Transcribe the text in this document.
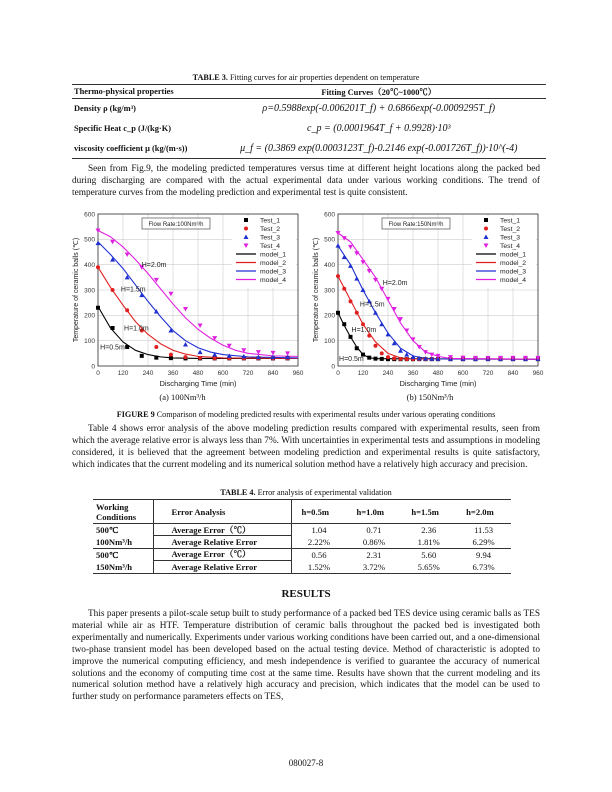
TABLE 3. Fitting curves for air properties dependent on temperature
Thermo-physical properties	Fitting Curves（20℃~1000℃）
Density ρ (kg/m³)	ρ=0.5988exp(-0.006201T_f) + 0.6866exp(-0.0009295T_f)
Specific Heat c_p (J/(kg·K)	c_p = (0.0001964T_f + 0.9928)·10³
viscosity coefficient μ (kg/(m·s))	μ_f = (0.3869 exp(0.0003123T_f)-0.2146 exp(-0.001726T_f))·10^(-4)
Seen from Fig.9, the modeling predicted temperatures versus time at different height locations along the packed bed during discharging are compared with the actual experimental data under various working conditions. The trend of temperature curves from the modeling prediction and experimental test is quite consistent.
0	120 240 360 480 600 720 840 960
0
100
200
300
400
500
600
Discharging Time (min)
Temperature of ceramic balls (℃)
H=0.5m
H=1.0m
H=1.5m
H=2.0m
Flow Rate:100Nm³/h
Test_1
Test_2
Test_3
Test_4
model_1
model_2
model_3
model_4
0	120 240 360 480 600 720 840 960
0
100
200
300
400
500
600
Discharging Time (min)
Temperature of ceramic balls (℃)
H=0.5m
H=1.0m
H=1.5m
H=2.0m
Flow Rate:150Nm³/h
Test_1
Test_2
Test_3
Test_4
model_1
model_2
model_3
model_4
(a) 100Nm³/h	(b) 150Nm³/h
FIGURE 9 Comparison of modeling predicted results with experimental results under various operating conditions
Table 4 shows error analysis of the above modeling prediction results compared with experimental results, seen from which the average relative error is always less than 7%. With uncertainties in experimental tests and assumptions in modeling considered, it is believed that the agreement between modeling prediction and experimental results is quite satisfactory, which indicates that the current modeling and its numerical solution method have a relatively high accuracy and precision.
TABLE 4. Error analysis of experimental validation
Working Conditions	Error Analysis	h=0.5m	h=1.0m	h=1.5m	h=2.0m
500℃	Average Error（℃）	1.04	0.71	2.36	11.53
100Nm³/h	Average Relative Error	2.22%	0.86%	1.81%	6.29%
500℃	Average Error（℃）	0.56	2.31	5.60	9.94
150Nm³/h	Average Relative Error	1.52%	3.72%	5.65%	6.73%
RESULTS
This paper presents a pilot-scale setup built to study performance of a packed bed TES device using ceramic balls as TES material while air as HTF. Temperature distribution of ceramic balls throughout the packed bed is investigated both experimentally and numerically. Experiments under various working conditions have been carried out, and a one-dimensional two-phase transient model has been developed based on the actual testing device. Method of characteristic is adopted to improve the numerical computing efficiency, and mesh independence is verified to guarantee the accuracy of numerical solutions and the economy of computing time cost at the same time. Results have shown that the current modeling and its numerical solution method have a relatively high accuracy and precision, which indicates that the model can be used to further study on performance parameters effects on TES,
080027-8
